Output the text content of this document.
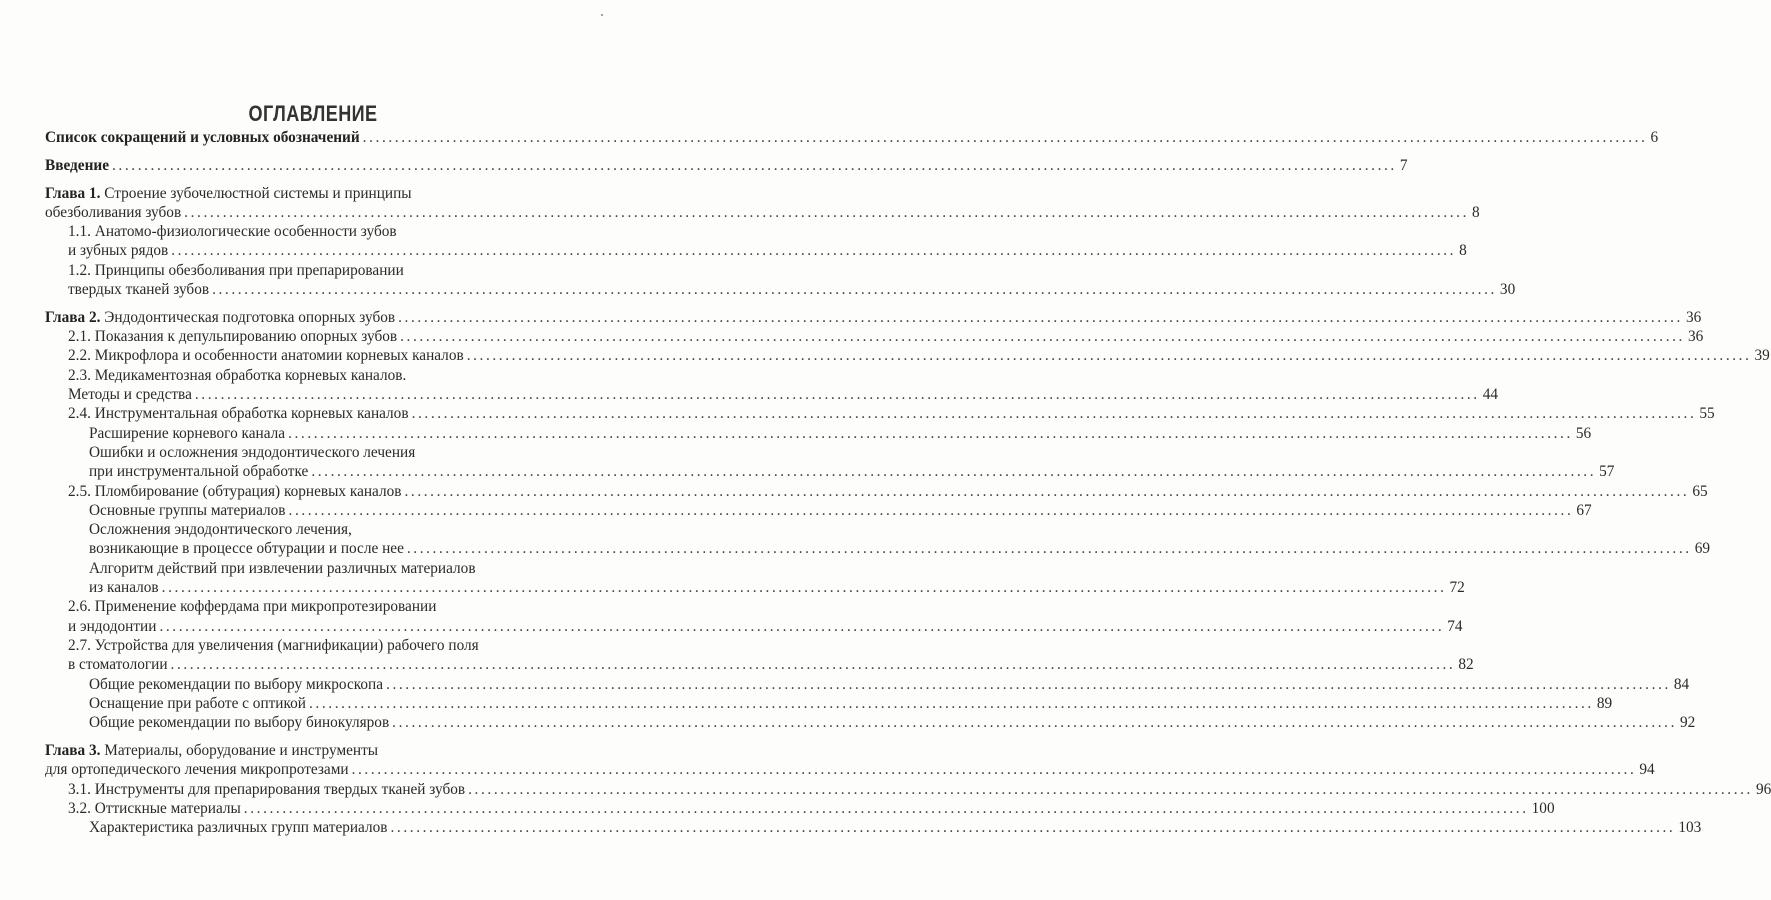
ОГЛАВЛЕНИЕ
Список сокращений и условных обозначений ........................................................................................................................................................................................................ 6
Введение ........................................................................................................................................................................................................ 7
Глава 1. Строение зубочелюстной системы и принципы
обезболивания зубов ........................................................................................................................................................................................................ 8
1.1. Анатомо-физиологические особенности зубов
и зубных рядов ........................................................................................................................................................................................................ 8
1.2. Принципы обезболивания при препарировании
твердых тканей зубов ........................................................................................................................................................................................................ 30
Глава 2. Эндодонтическая подготовка опорных зубов ........................................................................................................................................................................................................ 36
2.1. Показания к депульпированию опорных зубов ........................................................................................................................................................................................................ 36
2.2. Микрофлора и особенности анатомии корневых каналов ........................................................................................................................................................................................................ 39
2.3. Медикаментозная обработка корневых каналов.
Методы и средства ........................................................................................................................................................................................................ 44
2.4. Инструментальная обработка корневых каналов ........................................................................................................................................................................................................ 55
Расширение корневого канала ........................................................................................................................................................................................................ 56
Ошибки и осложнения эндодонтического лечения
при инструментальной обработке ........................................................................................................................................................................................................ 57
2.5. Пломбирование (обтурация) корневых каналов ........................................................................................................................................................................................................ 65
Основные группы материалов ........................................................................................................................................................................................................ 67
Осложнения эндодонтического лечения,
возникающие в процессе обтурации и после нее ........................................................................................................................................................................................................ 69
Алгоритм действий при извлечении различных материалов
из каналов ........................................................................................................................................................................................................ 72
2.6. Применение коффердама при микропротезировании
и эндодонтии ........................................................................................................................................................................................................ 74
2.7. Устройства для увеличения (магнификации) рабочего поля
в стоматологии ........................................................................................................................................................................................................ 82
Общие рекомендации по выбору микроскопа ........................................................................................................................................................................................................ 84
Оснащение при работе с оптикой ........................................................................................................................................................................................................ 89
Общие рекомендации по выбору бинокуляров ........................................................................................................................................................................................................ 92
Глава 3. Материалы, оборудование и инструменты
для ортопедического лечения микропротезами ........................................................................................................................................................................................................ 94
3.1. Инструменты для препарирования твердых тканей зубов ........................................................................................................................................................................................................ 96
3.2. Оттискные материалы ........................................................................................................................................................................................................ 100
Характеристика различных групп материалов ........................................................................................................................................................................................................ 103
